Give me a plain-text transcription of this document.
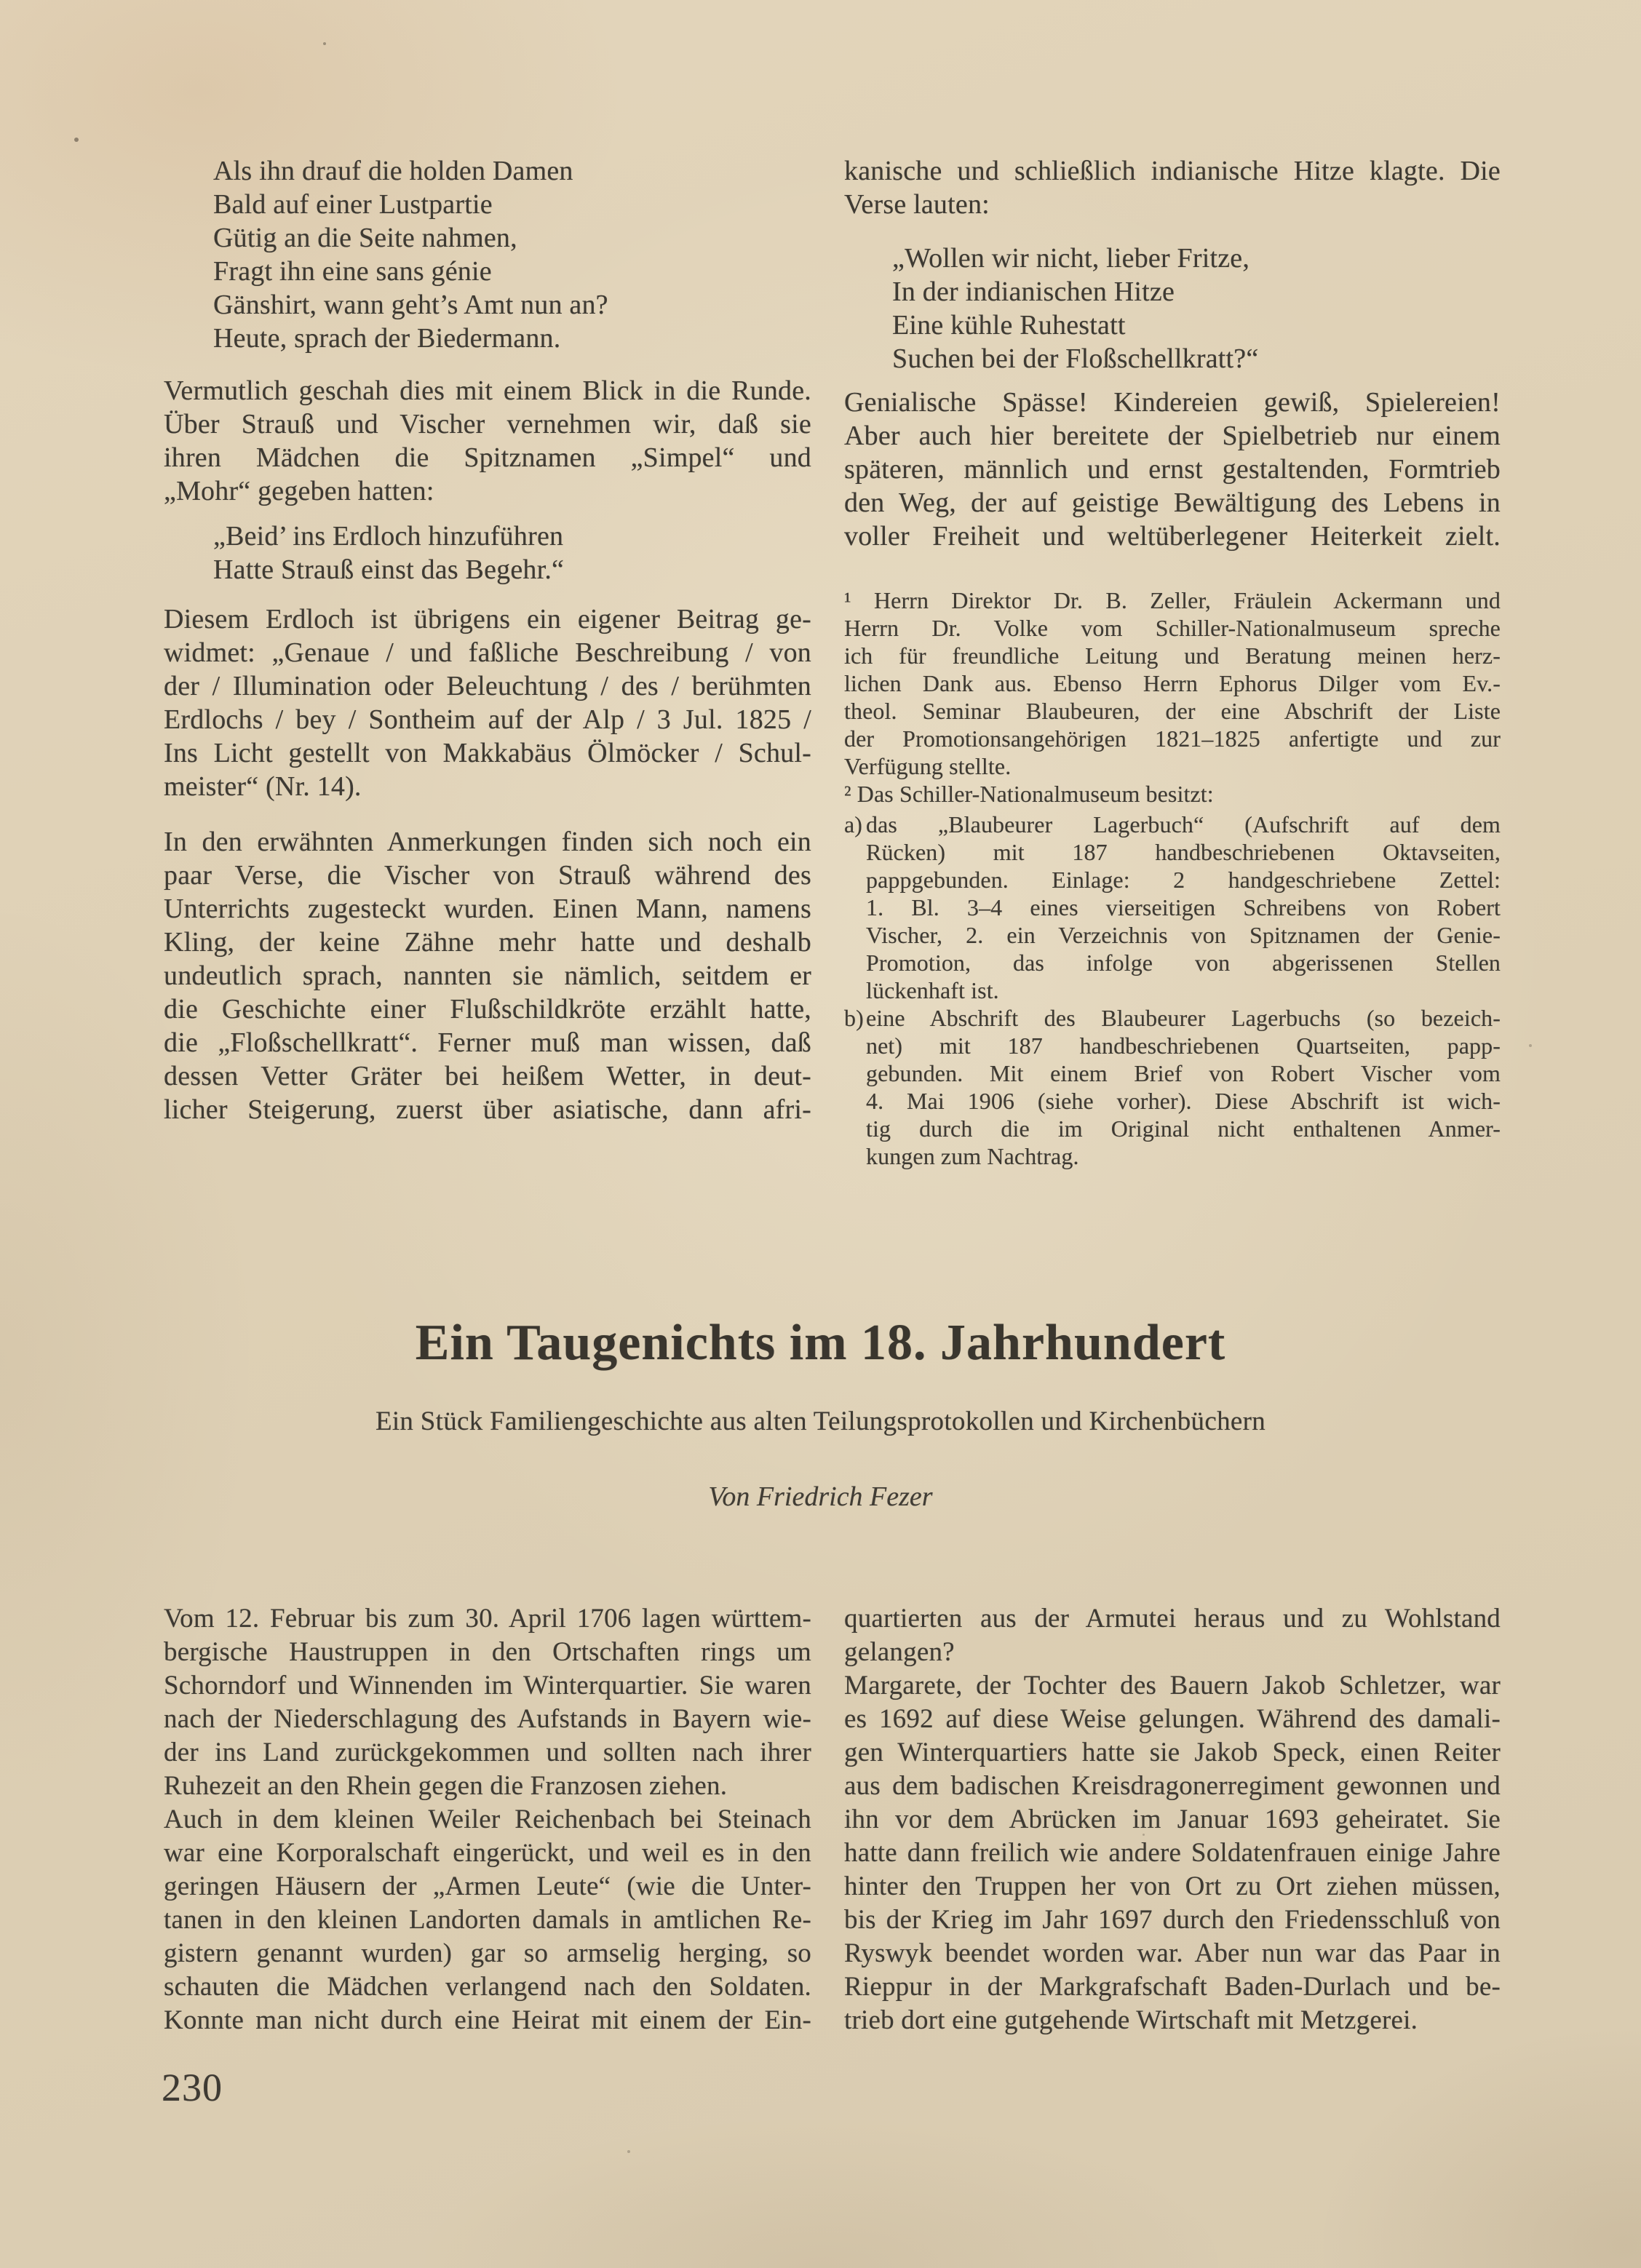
Als ihn drauf die holden Damen
Bald auf einer Lustpartie
Gütig an die Seite nahmen,
Fragt ihn eine sans génie
Gänshirt, wann geht’s Amt nun an?
Heute, sprach der Biedermann.
Vermutlich geschah dies mit einem Blick in die Runde.
Über Strauß und Vischer vernehmen wir, daß sie
ihren Mädchen die Spitznamen „Simpel“ und
„Mohr“ gegeben hatten:
„Beid’ ins Erdloch hinzuführen
Hatte Strauß einst das Begehr.“
Diesem Erdloch ist übrigens ein eigener Beitrag ge-
widmet: „Genaue / und faßliche Beschreibung / von
der / Illumination oder Beleuchtung / des / berühmten
Erdlochs / bey / Sontheim auf der Alp / 3 Jul. 1825 /
Ins Licht gestellt von Makkabäus Ölmöcker / Schul-
meister“ (Nr. 14).
In den erwähnten Anmerkungen finden sich noch ein
paar Verse, die Vischer von Strauß während des
Unterrichts zugesteckt wurden. Einen Mann, namens
Kling, der keine Zähne mehr hatte und deshalb
undeutlich sprach, nannten sie nämlich, seitdem er
die Geschichte einer Flußschildkröte erzählt hatte,
die „Floßschellkratt“. Ferner muß man wissen, daß
dessen Vetter Gräter bei heißem Wetter, in deut-
licher Steigerung, zuerst über asiatische, dann afri-
kanische und schließlich indianische Hitze klagte. Die
Verse lauten:
„Wollen wir nicht, lieber Fritze,
In der indianischen Hitze
Eine kühle Ruhestatt
Suchen bei der Floßschellkratt?“
Genialische Spässe! Kindereien gewiß, Spielereien!
Aber auch hier bereitete der Spielbetrieb nur einem
späteren, männlich und ernst gestaltenden, Formtrieb
den Weg, der auf geistige Bewältigung des Lebens in
voller Freiheit und weltüberlegener Heiterkeit zielt.
¹ Herrn Direktor Dr. B. Zeller, Fräulein Ackermann und
Herrn Dr. Volke vom Schiller-Nationalmuseum spreche
ich für freundliche Leitung und Beratung meinen herz-
lichen Dank aus. Ebenso Herrn Ephorus Dilger vom Ev.-
theol. Seminar Blaubeuren, der eine Abschrift der Liste
der Promotionsangehörigen 1821–1825 anfertigte und zur
Verfügung stellte.
² Das Schiller-Nationalmuseum besitzt:
a) das „Blaubeurer Lagerbuch“ (Aufschrift auf dem
Rücken) mit 187 handbeschriebenen Oktavseiten,
pappgebunden. Einlage: 2 handgeschriebene Zettel:
1. Bl. 3–4 eines vierseitigen Schreibens von Robert
Vischer, 2. ein Verzeichnis von Spitznamen der Genie-
Promotion, das infolge von abgerissenen Stellen
lückenhaft ist.
b) eine Abschrift des Blaubeurer Lagerbuchs (so bezeich-
net) mit 187 handbeschriebenen Quartseiten, papp-
gebunden. Mit einem Brief von Robert Vischer vom
4. Mai 1906 (siehe vorher). Diese Abschrift ist wich-
tig durch die im Original nicht enthaltenen Anmer-
kungen zum Nachtrag.
Ein Taugenichts im 18. Jahrhundert
Ein Stück Familiengeschichte aus alten Teilungsprotokollen und Kirchenbüchern
Von Friedrich Fezer
Vom 12. Februar bis zum 30. April 1706 lagen württem-
bergische Haustruppen in den Ortschaften rings um
Schorndorf und Winnenden im Winterquartier. Sie waren
nach der Niederschlagung des Aufstands in Bayern wie-
der ins Land zurückgekommen und sollten nach ihrer
Ruhezeit an den Rhein gegen die Franzosen ziehen.
Auch in dem kleinen Weiler Reichenbach bei Steinach
war eine Korporalschaft eingerückt, und weil es in den
geringen Häusern der „Armen Leute“ (wie die Unter-
tanen in den kleinen Landorten damals in amtlichen Re-
gistern genannt wurden) gar so armselig herging, so
schauten die Mädchen verlangend nach den Soldaten.
Konnte man nicht durch eine Heirat mit einem der Ein-
quartierten aus der Armutei heraus und zu Wohlstand
gelangen?
Margarete, der Tochter des Bauern Jakob Schletzer, war
es 1692 auf diese Weise gelungen. Während des damali-
gen Winterquartiers hatte sie Jakob Speck, einen Reiter
aus dem badischen Kreisdragonerregiment gewonnen und
ihn vor dem Abrücken im Januar 1693 geheiratet. Sie
hatte dann freilich wie andere Soldatenfrauen einige Jahre
hinter den Truppen her von Ort zu Ort ziehen müssen,
bis der Krieg im Jahr 1697 durch den Friedensschluß von
Ryswyk beendet worden war. Aber nun war das Paar in
Rieppur in der Markgrafschaft Baden-Durlach und be-
trieb dort eine gutgehende Wirtschaft mit Metzgerei.
230
